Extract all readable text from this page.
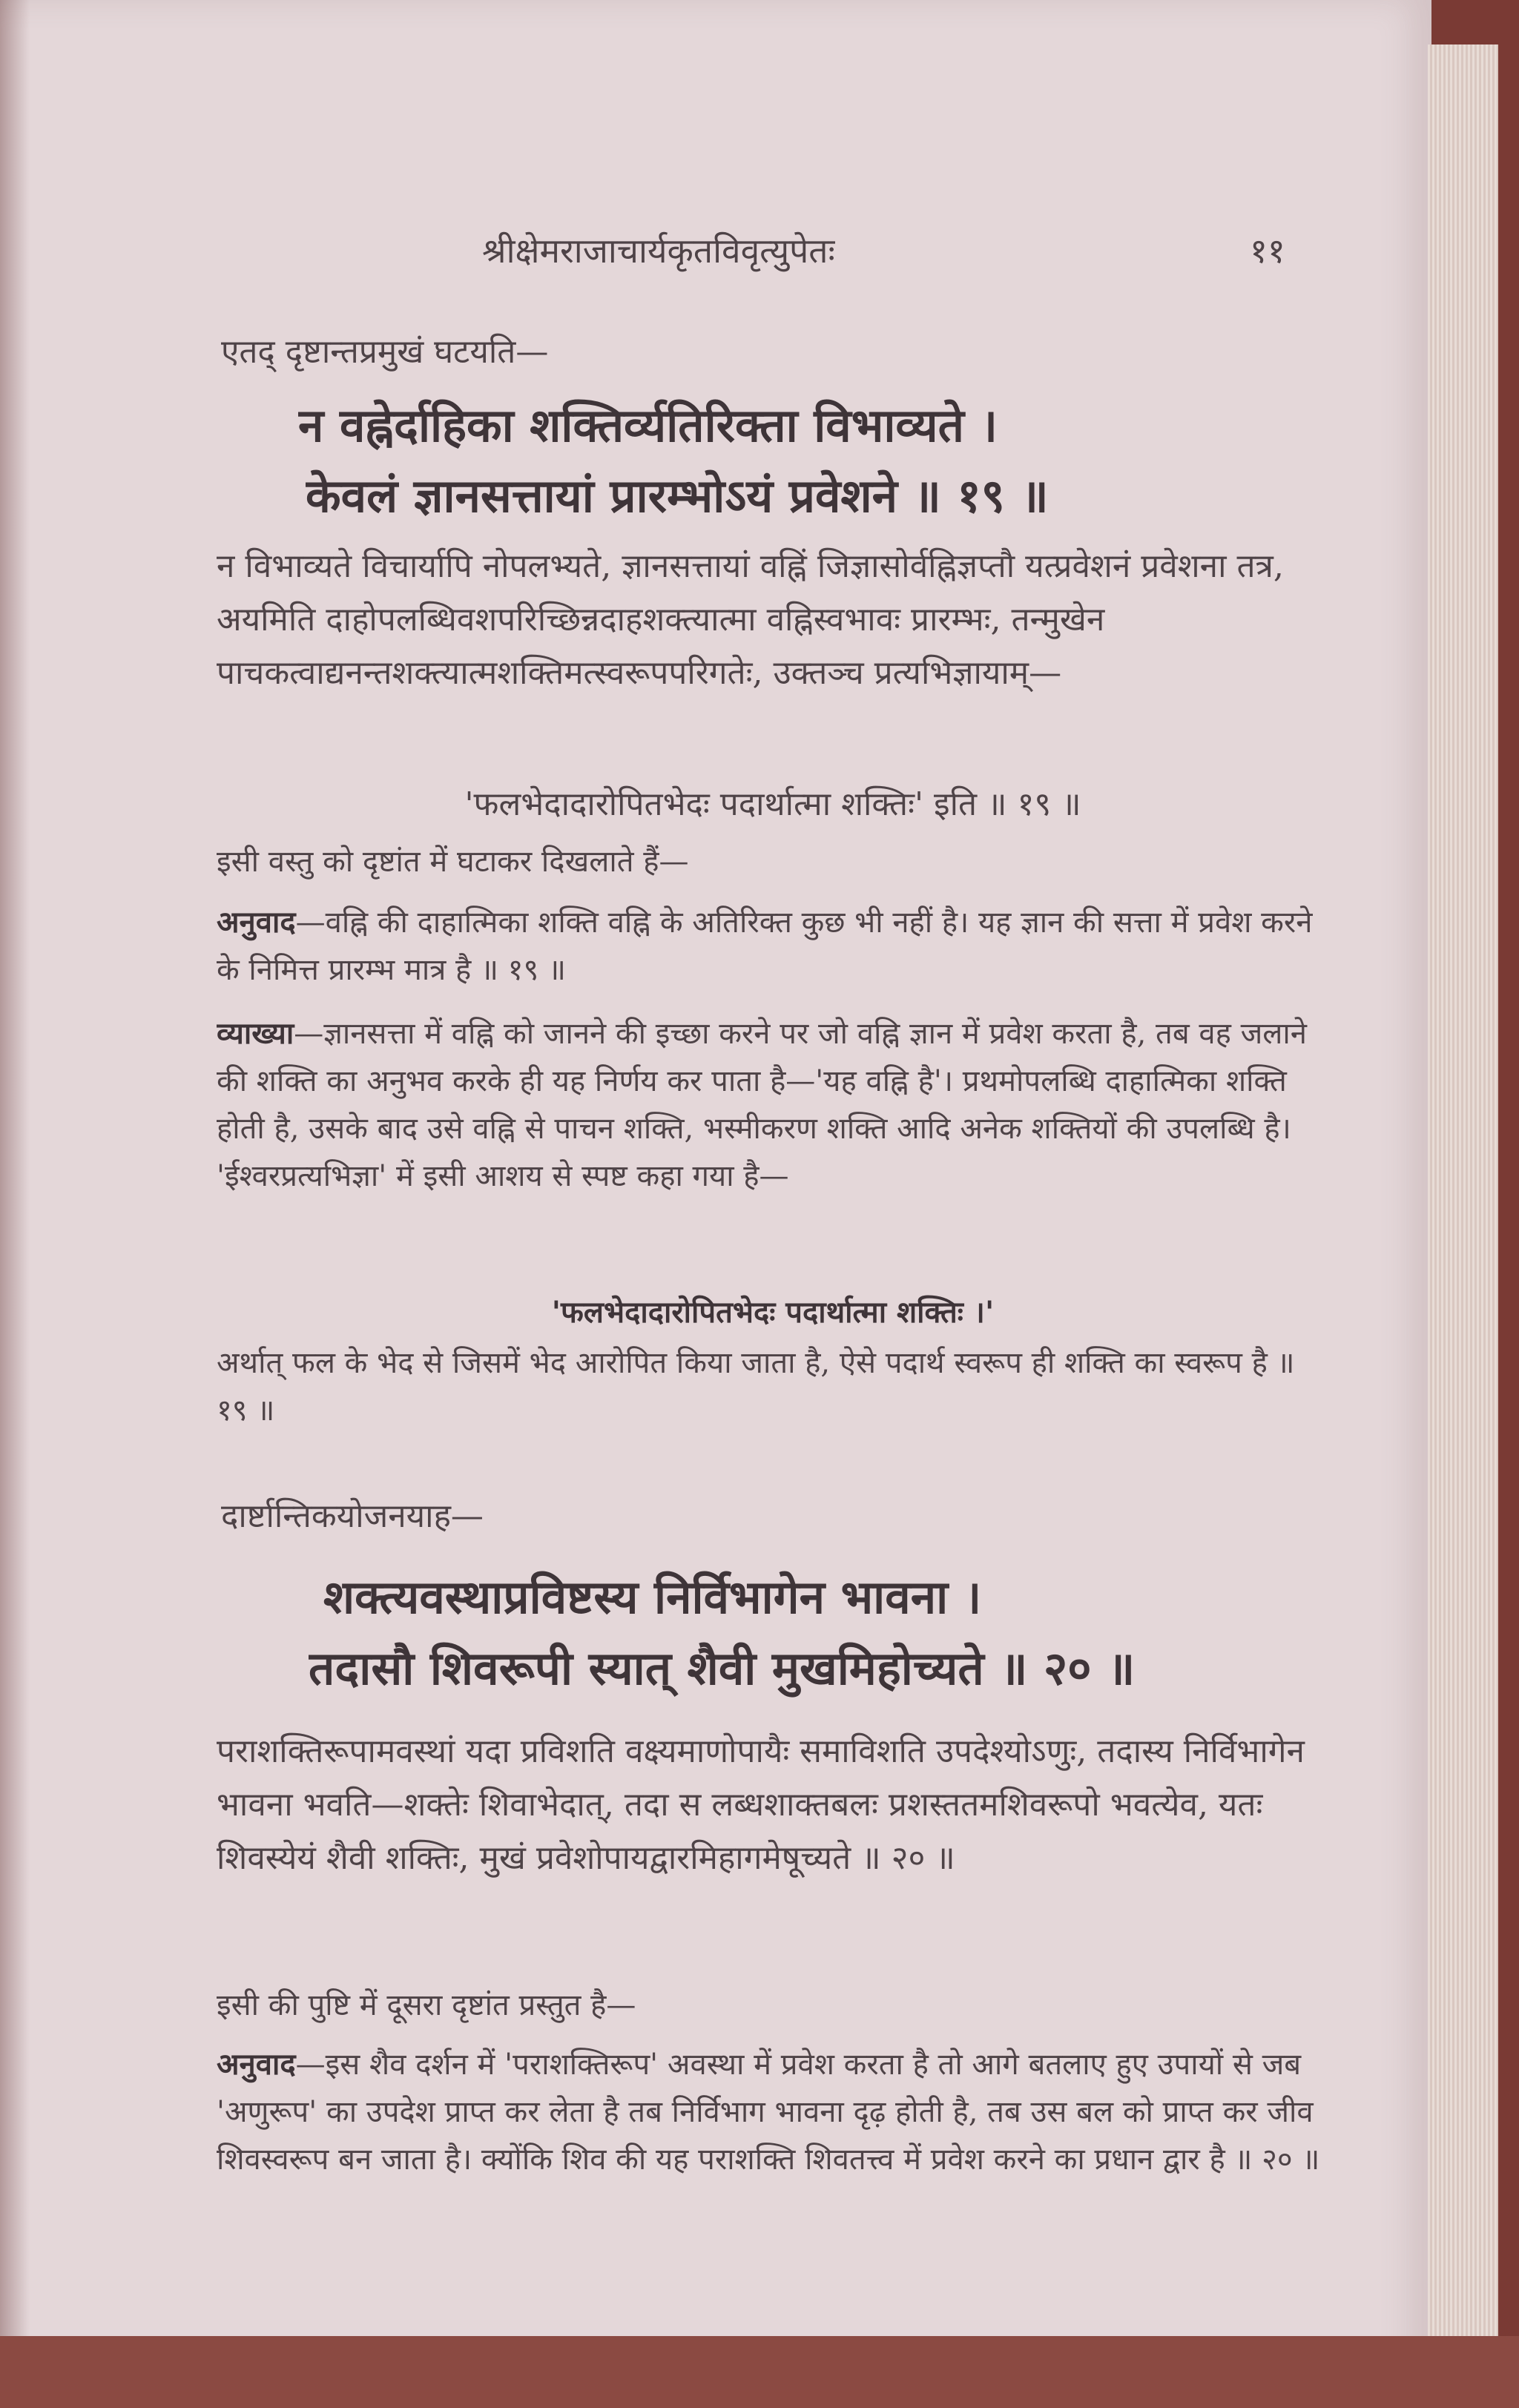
श्रीक्षेमराजाचार्यकृतविवृत्युपेतः	११
एतद् दृष्टान्तप्रमुखं घटयति—
न वह्नेर्दाहिका शक्तिर्व्यतिरिक्ता विभाव्यते ।
केवलं ज्ञानसत्तायां प्रारम्भोऽयं प्रवेशने ॥ १९ ॥
न विभाव्यते विचार्यापि नोपलभ्यते, ज्ञानसत्तायां वह्निं जिज्ञासोर्वह्निज्ञप्तौ यत्प्रवेशनं प्रवेशना तत्र, अयमिति दाहोपलब्धिवशपरिच्छिन्नदाहशक्त्यात्मा वह्निस्वभावः प्रारम्भः, तन्मुखेन पाचकत्वाद्यनन्तशक्त्यात्मशक्तिमत्स्वरूपपरिगतेः, उक्तञ्च प्रत्यभिज्ञायाम्—
'फलभेदादारोपितभेदः पदार्थात्मा शक्तिः' इति ॥ १९ ॥
इसी वस्तु को दृष्टांत में घटाकर दिखलाते हैं—
अनुवाद—वह्नि की दाहात्मिका शक्ति वह्नि के अतिरिक्त कुछ भी नहीं है। यह ज्ञान की सत्ता में प्रवेश करने के निमित्त प्रारम्भ मात्र है ॥ १९ ॥
व्याख्या—ज्ञानसत्ता में वह्नि को जानने की इच्छा करने पर जो वह्नि ज्ञान में प्रवेश करता है, तब वह जलाने की शक्ति का अनुभव करके ही यह निर्णय कर पाता है—'यह वह्नि है'। प्रथमोपलब्धि दाहात्मिका शक्ति होती है, उसके बाद उसे वह्नि से पाचन शक्ति, भस्मीकरण शक्ति आदि अनेक शक्तियों की उपलब्धि है। 'ईश्वरप्रत्यभिज्ञा' में इसी आशय से स्पष्ट कहा गया है—
'फलभेदादारोपितभेदः पदार्थात्मा शक्तिः ।'
अर्थात् फल के भेद से जिसमें भेद आरोपित किया जाता है, ऐसे पदार्थ स्वरूप ही शक्ति का स्वरूप है ॥ १९ ॥
दार्ष्टान्तिकयोजनयाह—
शक्त्यवस्थाप्रविष्टस्य निर्विभागेन भावना ।
तदासौ शिवरूपी स्यात् शैवी मुखमिहोच्यते ॥ २० ॥
पराशक्तिरूपामवस्थां यदा प्रविशति वक्ष्यमाणोपायैः समाविशति उपदेश्योऽणुः, तदास्य निर्विभागेन भावना भवति—शक्तेः शिवाभेदात्, तदा स लब्धशाक्तबलः प्रशस्ततमशिवरूपो भवत्येव, यतः शिवस्येयं शैवी शक्तिः, मुखं प्रवेशोपायद्वारमिहागमेषूच्यते ॥ २० ॥
इसी की पुष्टि में दूसरा दृष्टांत प्रस्तुत है—
अनुवाद—इस शैव दर्शन में 'पराशक्तिरूप' अवस्था में प्रवेश करता है तो आगे बतलाए हुए उपायों से जब 'अणुरूप' का उपदेश प्राप्त कर लेता है तब निर्विभाग भावना दृढ़ होती है, तब उस बल को प्राप्त कर जीव शिवस्वरूप बन जाता है। क्योंकि शिव की यह पराशक्ति शिवतत्त्व में प्रवेश करने का प्रधान द्वार है ॥ २० ॥
